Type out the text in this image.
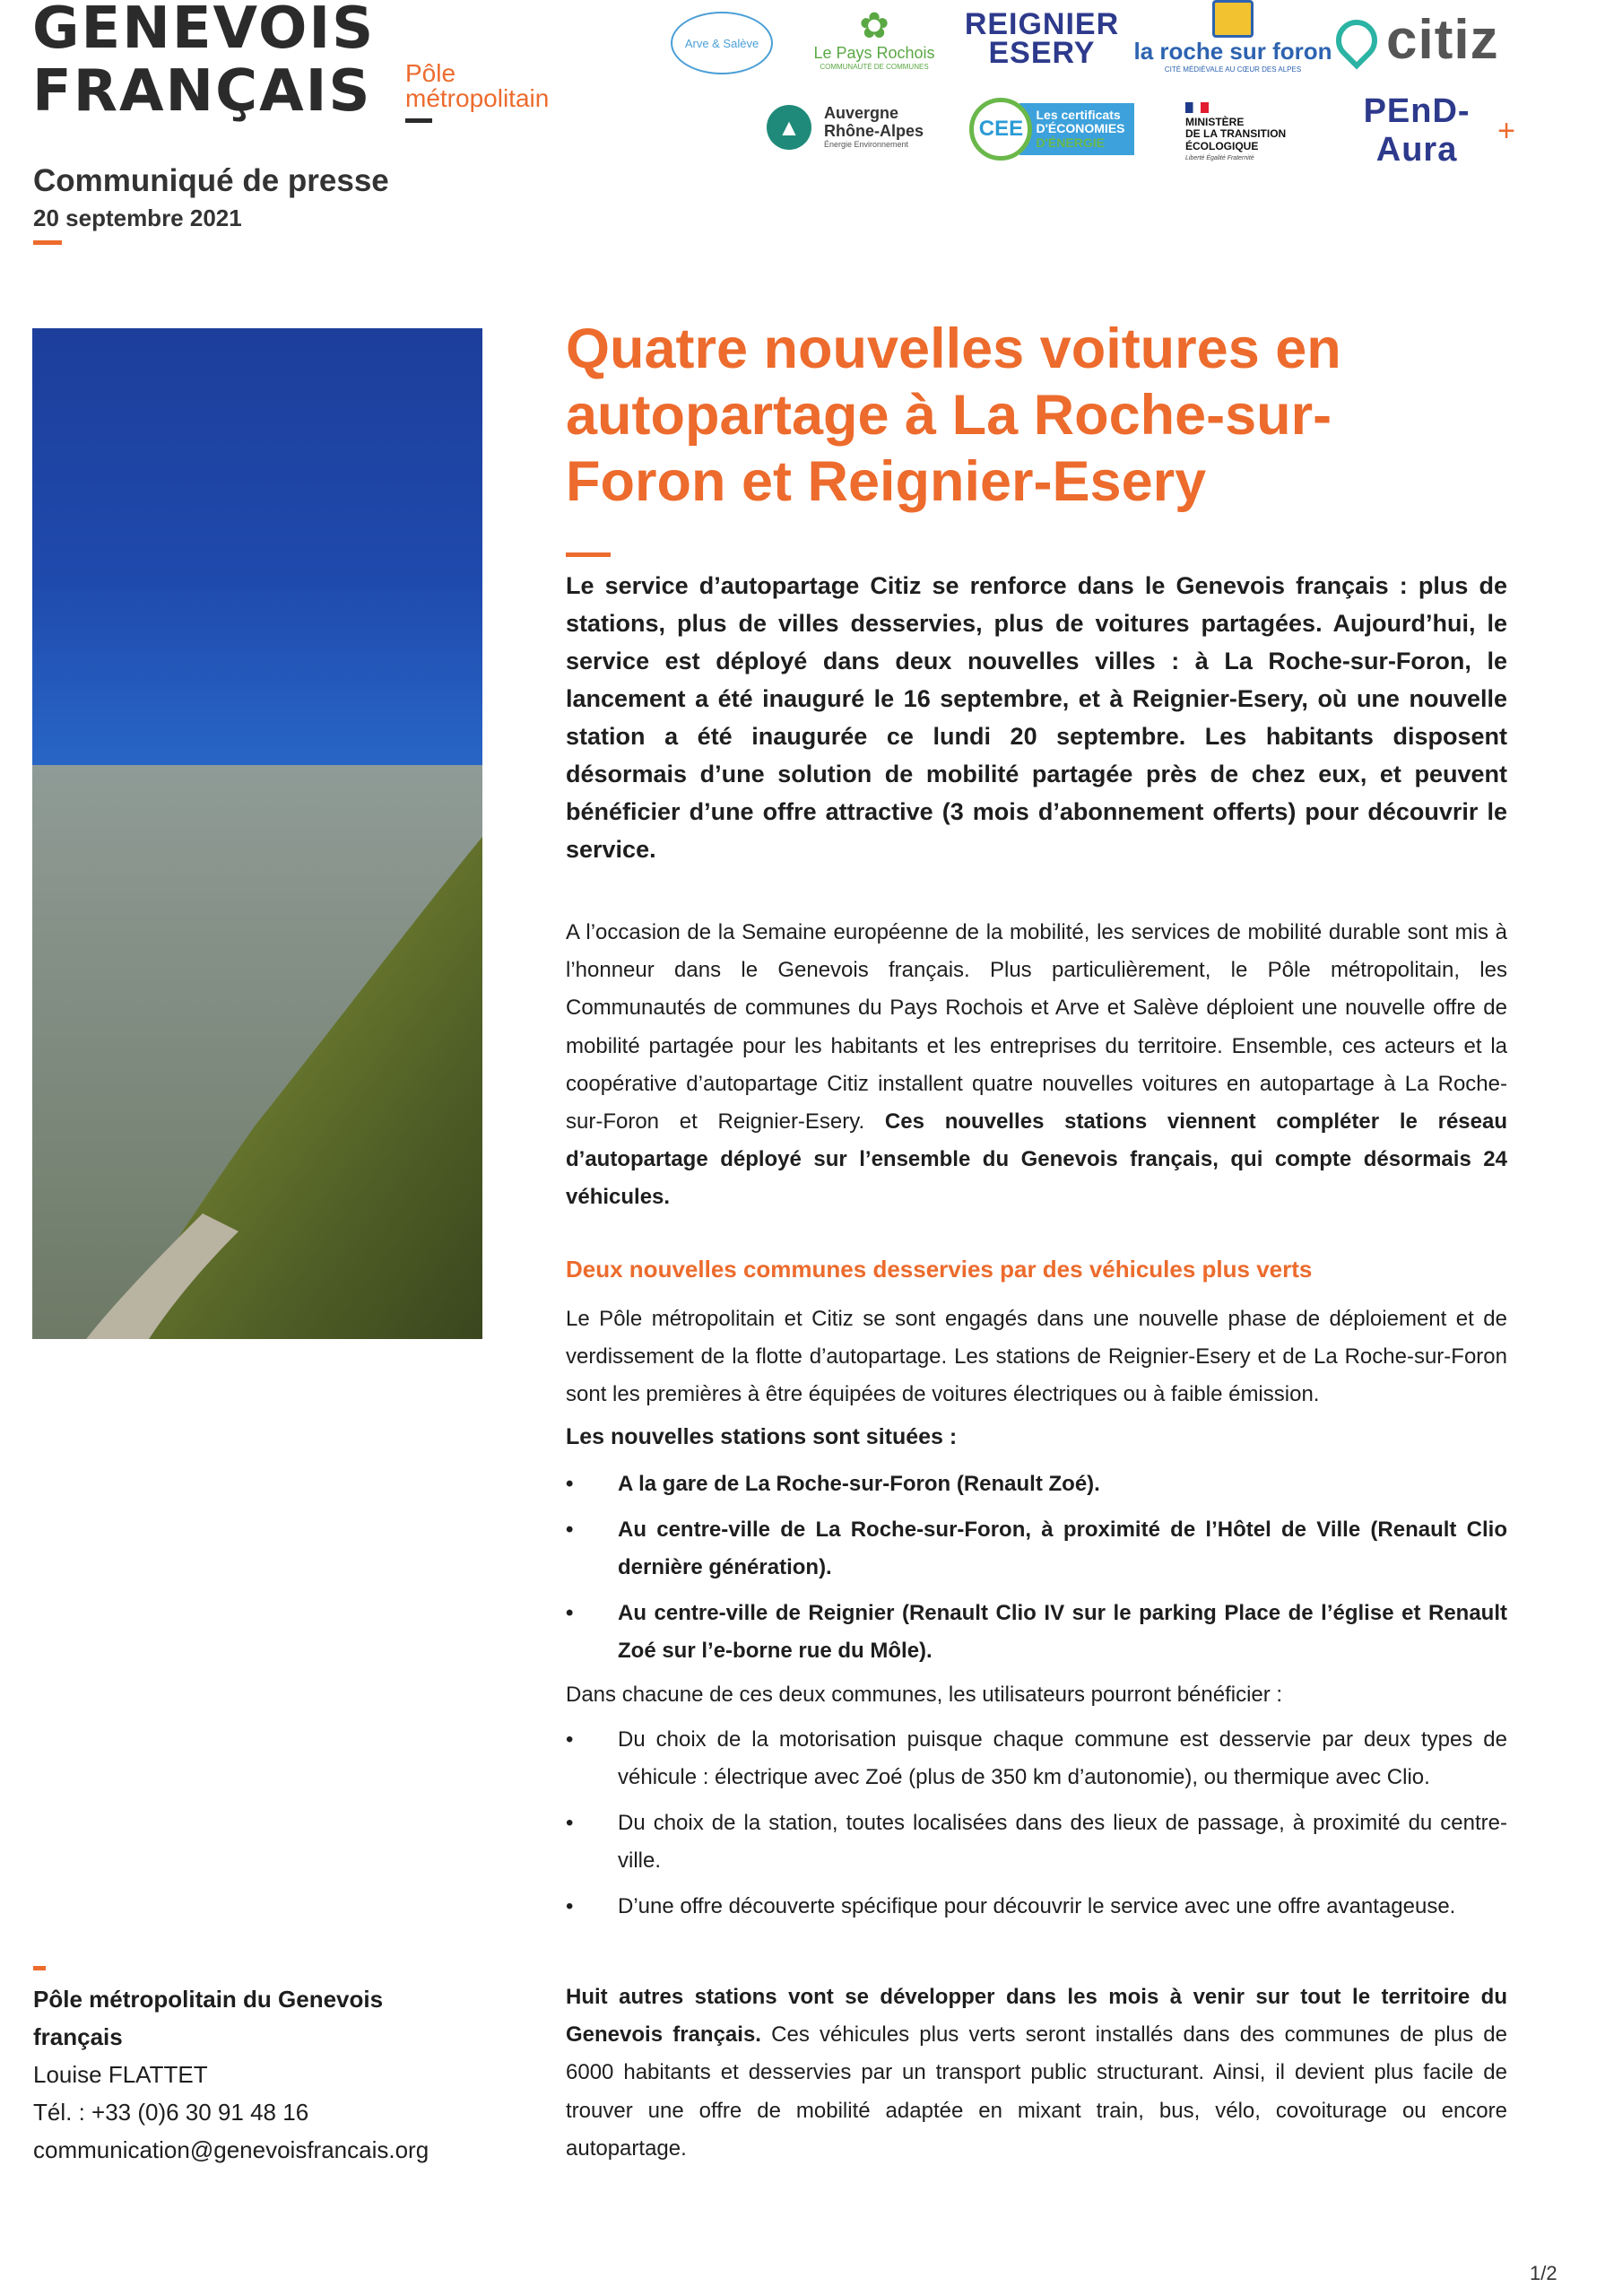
GENEVOIS
FRANÇAIS Pôle
métropolitain
Arve & Salève	✿
Le Pays Rochois
COMMUNAUTÉ DE COMMUNES
REIGNIER
ESERY la roche sur foron
CITÉ MÉDIÉVALE AU CŒUR DES ALPES citiz
▲
Auvergne
Rhône-Alpes
Énergie Environnement
CEE
Les certificats
D'ÉCONOMIES
D'ÉNERGIE
MINISTÈRE
DE LA TRANSITION
ÉCOLOGIQUE
Liberté Égalité Fraternité
PEnD-Aura
+
Communiqué de presse
20 septembre 2021
Quatre nouvelles voitures en
autopartage à La Roche-sur-
Foron et Reignier-Esery

Le service d’autopartage Citiz se renforce dans le Genevois français : plus de stations, plus de villes desservies, plus de voitures partagées. Aujourd’hui, le service est déployé dans deux nouvelles villes : à La Roche-sur-Foron, le lancement a été inauguré le 16 septembre, et à Reignier-Esery, où une nouvelle station a été inaugurée ce lundi 20 septembre. Les habitants disposent désormais d’une solution de mobilité partagée près de chez eux, et peuvent bénéficier d’une offre attractive (3 mois d’abonnement offerts) pour découvrir le service.

A l’occasion de la Semaine européenne de la mobilité, les services de mobilité durable sont mis à l’honneur dans le Genevois français. Plus particulièrement, le Pôle métropolitain, les Communautés de communes du Pays Rochois et Arve et Salève déploient une nouvelle offre de mobilité partagée pour les habitants et les entreprises du territoire. Ensemble, ces acteurs et la coopérative d’autopartage Citiz installent quatre nouvelles voitures en autopartage à La Roche-sur-Foron et Reignier-Esery. Ces nouvelles stations viennent compléter le réseau d’autopartage déployé sur l’ensemble du Genevois français, qui compte désormais 24 véhicules.

Deux nouvelles communes desservies par des véhicules plus verts

Le Pôle métropolitain et Citiz se sont engagés dans une nouvelle phase de déploiement et de verdissement de la flotte d’autopartage. Les stations de Reignier-Esery et de La Roche-sur-Foron sont les premières à être équipées de voitures électriques ou à faible émission.

Les nouvelles stations sont situées :
• A la gare de La Roche-sur-Foron (Renault Zoé).
• Au centre-ville de La Roche-sur-Foron, à proximité de l’Hôtel de Ville (Renault Clio dernière génération).
• Au centre-ville de Reignier (Renault Clio IV sur le parking Place de l’église et Renault Zoé sur l’e-borne rue du Môle).

Dans chacune de ces deux communes, les utilisateurs pourront bénéficier :

• Du choix de la motorisation puisque chaque commune est desservie par deux types de véhicule : électrique avec Zoé (plus de 350 km d’autonomie), ou thermique avec Clio.
• Du choix de la station, toutes localisées dans des lieux de passage, à proximité du centre-ville.
• D’une offre découverte spécifique pour découvrir le service avec une offre avantageuse.

Huit autres stations vont se développer dans les mois à venir sur tout le territoire du Genevois français. Ces véhicules plus verts seront installés dans des communes de plus de 6000 habitants et desservies par un transport public structurant. Ainsi, il devient plus facile de trouver une offre de mobilité adaptée en mixant train, bus, vélo, covoiturage ou encore autopartage.

Pôle métropolitain du Genevois
français
Louise FLATTET
Tél. : +33 (0)6 30 91 48 16
communication@genevoisfrancais.org
1/2
